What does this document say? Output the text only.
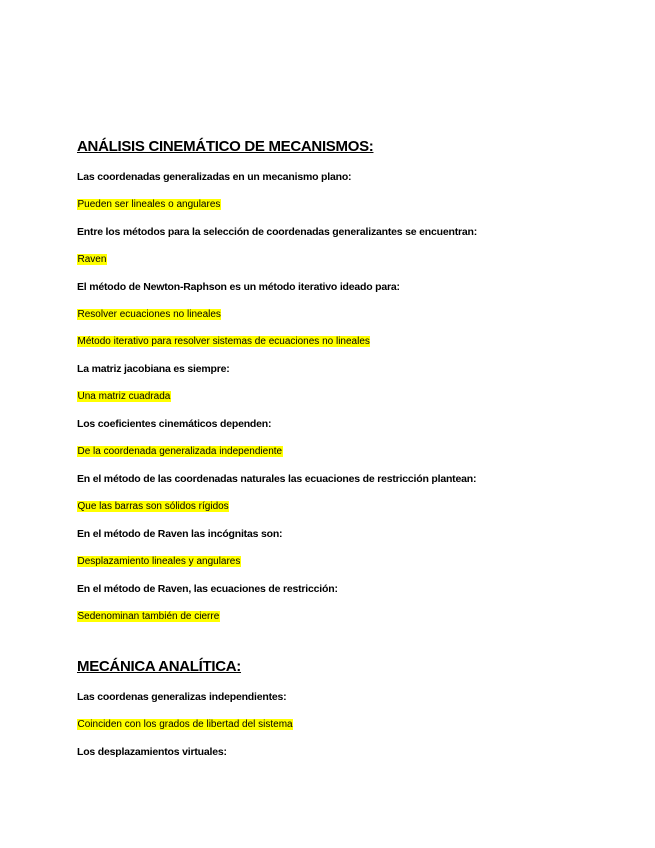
ANÁLISIS CINEMÁTICO DE MECANISMOS:

Las coordenadas generalizadas en un mecanismo plano:

Pueden ser lineales o angulares

Entre los métodos para la selección de coordenadas generalizantes se encuentran:

Raven

El método de Newton-Raphson es un método iterativo ideado para:

Resolver ecuaciones no lineales

Método iterativo para resolver sistemas de ecuaciones no lineales

La matriz jacobiana es siempre:

Una matriz cuadrada

Los coeficientes cinemáticos dependen:

De la coordenada generalizada independiente

En el método de las coordenadas naturales las ecuaciones de restricción plantean:

Que las barras son sólidos rígidos

En el método de Raven las incógnitas son:

Desplazamiento lineales y angulares

En el método de Raven, las ecuaciones de restricción:

Sedenominan también de cierre

MECÁNICA ANALÍTICA:

Las coordenas generalizas independientes:

Coinciden con los grados de libertad del sistema

Los desplazamientos virtuales:
